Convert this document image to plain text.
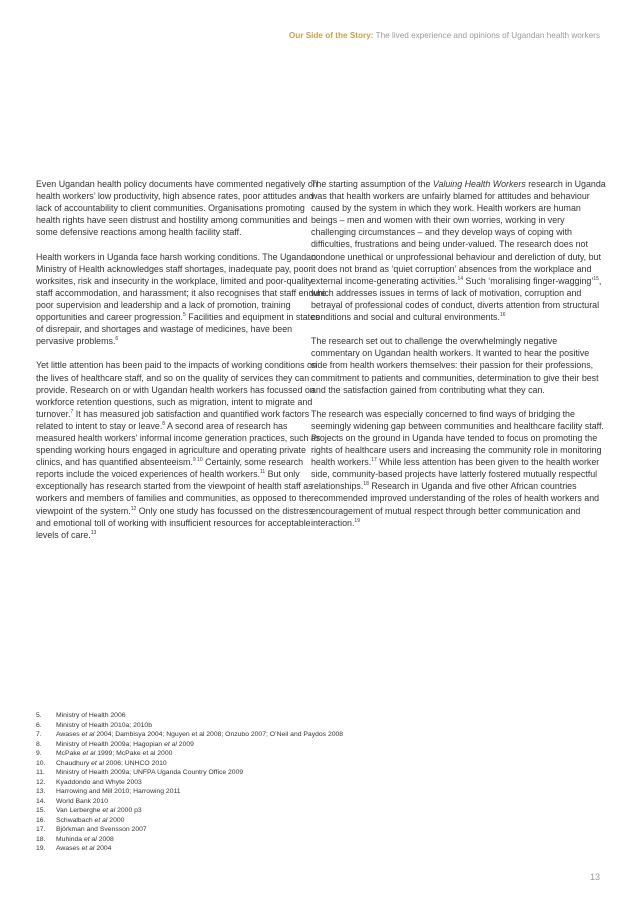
Our Side of the Story: The lived experience and opinions of Ugandan health workers

Even Ugandan health policy documents have commented negatively on health workers’ low productivity, high absence rates, poor attitudes and lack of accountability to client communities. Organisations promoting health rights have seen distrust and hostility among communities and some defensive reactions among health facility staff.

Health workers in Uganda face harsh working conditions. The Ugandan Ministry of Health acknowledges staff shortages, inadequate pay, poor worksites, risk and insecurity in the workplace, limited and poor-quality staff accommodation, and harassment; it also recognises that staff endure poor supervision and leadership and a lack of promotion, training opportunities and career progression.$^5$ Facilities and equipment in states of disrepair, and shortages and wastage of medicines, have been pervasive problems.$^6$

Yet little attention has been paid to the impacts of working conditions on the lives of healthcare staff, and so on the quality of services they can provide. Research on or with Ugandan health workers has focussed on workforce retention questions, such as migration, intent to migrate and turnover.$^7$ It has measured job satisfaction and quantified work factors related to intent to stay or leave.$^8$ A second area of research has measured health workers’ informal income generation practices, such as spending working hours engaged in agriculture and operating private clinics, and has quantified absenteeism.$^{9 10}$ Certainly, some research reports include the voiced experiences of health workers.$^{11}$ But only exceptionally has research started from the viewpoint of health staff as workers and members of families and communities, as opposed to the viewpoint of the system.$^{12}$ Only one study has focussed on the distress and emotional toll of working with insufficient resources for acceptable levels of care.$^{13}$

The starting assumption of the Valuing Health Workers research in Uganda was that health workers are unfairly blamed for attitudes and behaviour caused by the system in which they work. Health workers are human beings – men and women with their own worries, working in very challenging circumstances – and they develop ways of coping with difficulties, frustrations and being under-valued. The research does not condone unethical or unprofessional behaviour and dereliction of duty, but it does not brand as ‘quiet corruption’ absences from the workplace and external income-generating activities.$^{14}$ Such ‘moralising finger-wagging’$^{15}$, which addresses issues in terms of lack of motivation, corruption and betrayal of professional codes of conduct, diverts attention from structural conditions and social and cultural environments.$^{16}$

The research set out to challenge the overwhelmingly negative commentary on Ugandan health workers. It wanted to hear the positive side from health workers themselves: their passion for their professions, commitment to patients and communities, determination to give their best and the satisfaction gained from contributing what they can.

The research was especially concerned to find ways of bridging the seemingly widening gap between communities and healthcare facility staff. Projects on the ground in Uganda have tended to focus on promoting the rights of healthcare users and increasing the community role in monitoring health workers.$^{17}$ While less attention has been given to the health worker side, community-based projects have latterly fostered mutually respectful relationships.$^{18}$ Research in Uganda and five other African countries recommended improved understanding of the roles of health workers and encouragement of mutual respect through better communication and interaction.$^{19}$

5. Ministry of Health 2006
6. Ministry of Health 2010a; 2010b
7. Awases et al 2004; Dambisya 2004; Nguyen et al 2008; Onzubo 2007; O’Neil and Paydos 2008
8. Ministry of Health 2009a; Hagopian et al 2009
9. McPake et al 1999; McPake et al 2000
10. Chaudhury et al 2006; UNHCO 2010
11. Ministry of Health 2009a; UNFPA Uganda Country Office 2009
12. Kyaddondo and Whyte 2003
13. Harrowing and Mill 2010; Harrowing 2011
14. World Bank 2010
15. Van Lerberghe et al 2000 p3
16. Schwalbach et al 2000
17. Björkman and Svensson 2007
18. Muhinda et al 2008
19. Awases et al 2004
13
